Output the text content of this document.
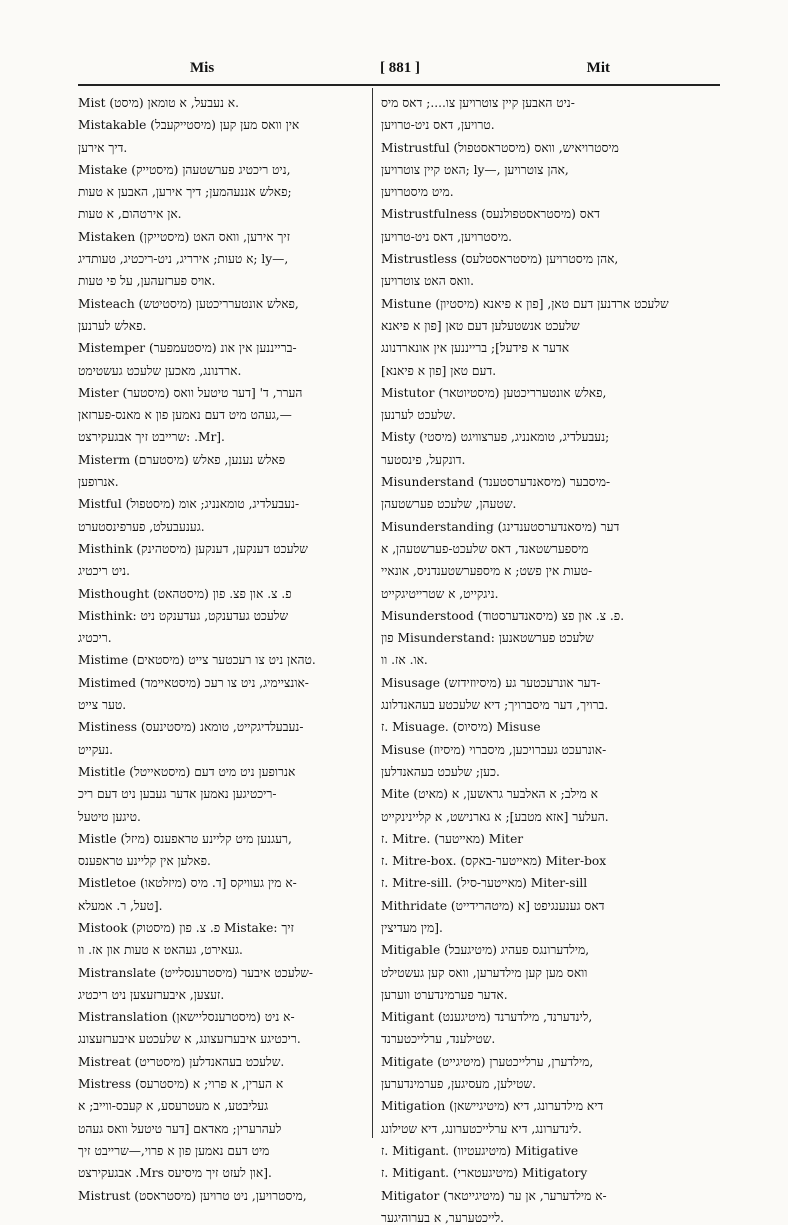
Mis	[ 881 ]	Mit
Mist (מיסט) א נעבעל, א טומאן.
Mistakable (מיסטייקעבל) אין וואס מען קען
דיך אירען.
Mistake (מיסטייק) ניט ריכטיג פערשטעהן,
פאלש אננעהמען; דיך אירען, האבען א טעות;
אן אירטהום, א טעות.
Mistaken (מיסטייקן) זיך אירען, וואס האט
א טעות; אירריג, ניט-ריכטיג, טעותדיג; ly—,
אויס פערזעהען, על פי טעות.
Misteach (מיסטיטש) פאלש אונטערריכטען,
פאלש לערנען.
Mistemper (מיסטעמפער) ברייננען אין אונ-
ארדנונג, מאכען שלעכט געשטימט.
Mister (מיסטער) הערר, ד' [דער טיטעל וואס
געהט מיט דעם נאמען פון א מאנס-פערזאן,—
שרייבט זיך אבגעקירצט: .Mr].
Misterm (מיסטערם) פאלש נענען, פאלש
אנרופען.
Mistful (מיסטפול) נעבעלדיג, טומאנניג; אומ-
גענעבעלט, פערפינסטערט.
Misthink (מיסטהינק) שלעכט דענקען, דענקען
ניט ריכטיג.
Misthought (מיסטהאט) פ. צ. און פצ. פון
Misthink: שלעכט געדענקט, געדענקט ניט
ריכטיג.
Mistime (מיסטאים) טהאן ניט צו רעכטער צייט.
Mistimed (מיסטאיימד) אונציימיג, ניט צו רעכ-
טער צייט.
Mistiness (מיסטינעס) נעבעלדיגקייט, טומאנ-
נעקייט.
Mistitle (מיסטאייטל) אנרופען ניט מיט דעם
ריכטיגען נאמען אדער געבען ניט דעם ריכ-
טיגען טיטעל.
Mistle (מיזל) רעגנען מיט קליינע טראפענס,
פאלען אין קליינע טראפענס.
Mistletoe (מיזלטאו) א מין געוויקס [ד. מיס-
טעל, ר. אמעלא].
Mistook (מיסטוק) פ. צ. פון Mistake: זיך
געאירט, געהאט א טעות און אז. וו.
Mistranslate (מיסטרענסלייט) שלעכט איבער-
זעצען, איבערזעצען ניט ריכטיג.
Mistranslation (מיסטרענסליישאן) א ניט-
ריכטיגע איבערזעצונג, א שלעכטע איבערזעצונג.
Mistreat (מיסטריט) שלעכט בעהאנדלען.
Mistress (מיסטרעס) א הערין, א פרוי; א
געליבטע, א מעטרעסע, א קעבס-ווייב; א
לעהרערין; מאדאם [דער טיטעל וואס געהט
מיט דעם נאמען פון א פרוי,—שרייבט זיך
אבגעקירצט .Mrs און לעזט זיך מיסיעס].
Mistrust (מיסטראסט) מיסטרויען, ניט טרויען,
ניט האבען קיין צוטרויען צו....; דאס מיס-
טרויען, דאס ניט-טרויען.
Mistrustful (מיסטראסטפול) מיסטרויאיש, וואס
האט קיין צוטרויען; ly—, אהן צוטרויען,
מיט מיסטרויען.
Mistrustfulness (מיסטראסטפולנעס) דאס
מיסטרויען, דאס ניט-טרויען.
Mistrustless (מיסטראסטלעס) אהן מיסטרויען,
וואס האט צוטרויען.
Mistune (מיסטיון) שלעכט ארדנען דעם טאן, [פון א פיאנא
שלעכט אנשטעלען דעם טאן [פון א פיאנא
אדער א פידעל]; ברייננען אין אונארדנונג
דעם טאן [פון א פיאנא].
Mistutor (מיסטיוטאר) פאלש אונטערריכטען,
שלעכט לערנען.
Misty (מיסטי) נעבעלדיג, טומאנניג, פערצוויגט;
דונקעל, פינסטער.
Misunderstand (מיסאנדערסטענד) מיסבער-
שטעהן, שלעכט פערשטעהן.
Misunderstanding (מיסאנדערסטענדינג) דער
מיספערשטאנד, דאס שלעכט-פערשטעהן, א
טעות אין פשט; א מיספערשטענדניס, אונאיי-
ניגקייט, א שטרייטיגקייט.
Misunderstood (מיסאנדערסטוד) פ. צ. און פצ.
פון Misunderstand: שלעכט פערשטאנען
או. אז. וו.
Misusage (מיסיוזידזש) דער אונרעכטער גע-
ברויך, דער מיסברויך; דיא שלעכטע בעהאנדלונג.
ז. Misuage. (מיסיוס) Misuse
Misuse (מיסיוז) אונרעכט געברויכען, מיסברוי-
כען; שלעכט בעהאנדלען.
Mite (מאיט) א מילב; א האלבער גראשען, א
העלער [אזא מטבע]; א גארנישט, א קליינינקייט.
ז. Mitre. (מאייטער) Miter
ז. Mitre-box. (מאייטער-באקס) Miter-box
ז. Mitre-sill. (מאייטער-סיל) Miter-sill
Mithridate (מיטהרידייט) דאס גענענגיפט [א
מין מעדיצין].
Mitigable (מיטיגעבל) מילדערונגס פעהיג,
וואס מען קען מילדערען, וואס קען געשטילט
אדער פערמינדערט ווערען.
Mitigant (מיטיגענט) לינדערנד, מילדערנד,
שטילענד, ערלייכטערנד.
Mitigate (מיטיגייט) מילדערן, ערלייכטערן,
שטילען, מעסיגען, פערמינדערען.
Mitigation (מיטיגיישאן) דיא מילדערונג, דיא
לינדערונג, דיא ערלייכטערונג, דיא שטילונג.
ז. Mitigant. (מיטיגעטיוו) Mitigative
ז. Mitigant. (מיטיגעטארי) Mitigatory
Mitigator (מיטיגייטאר) א מילדערער, אן ער-
לייכטערער, א בערוהיגער.
